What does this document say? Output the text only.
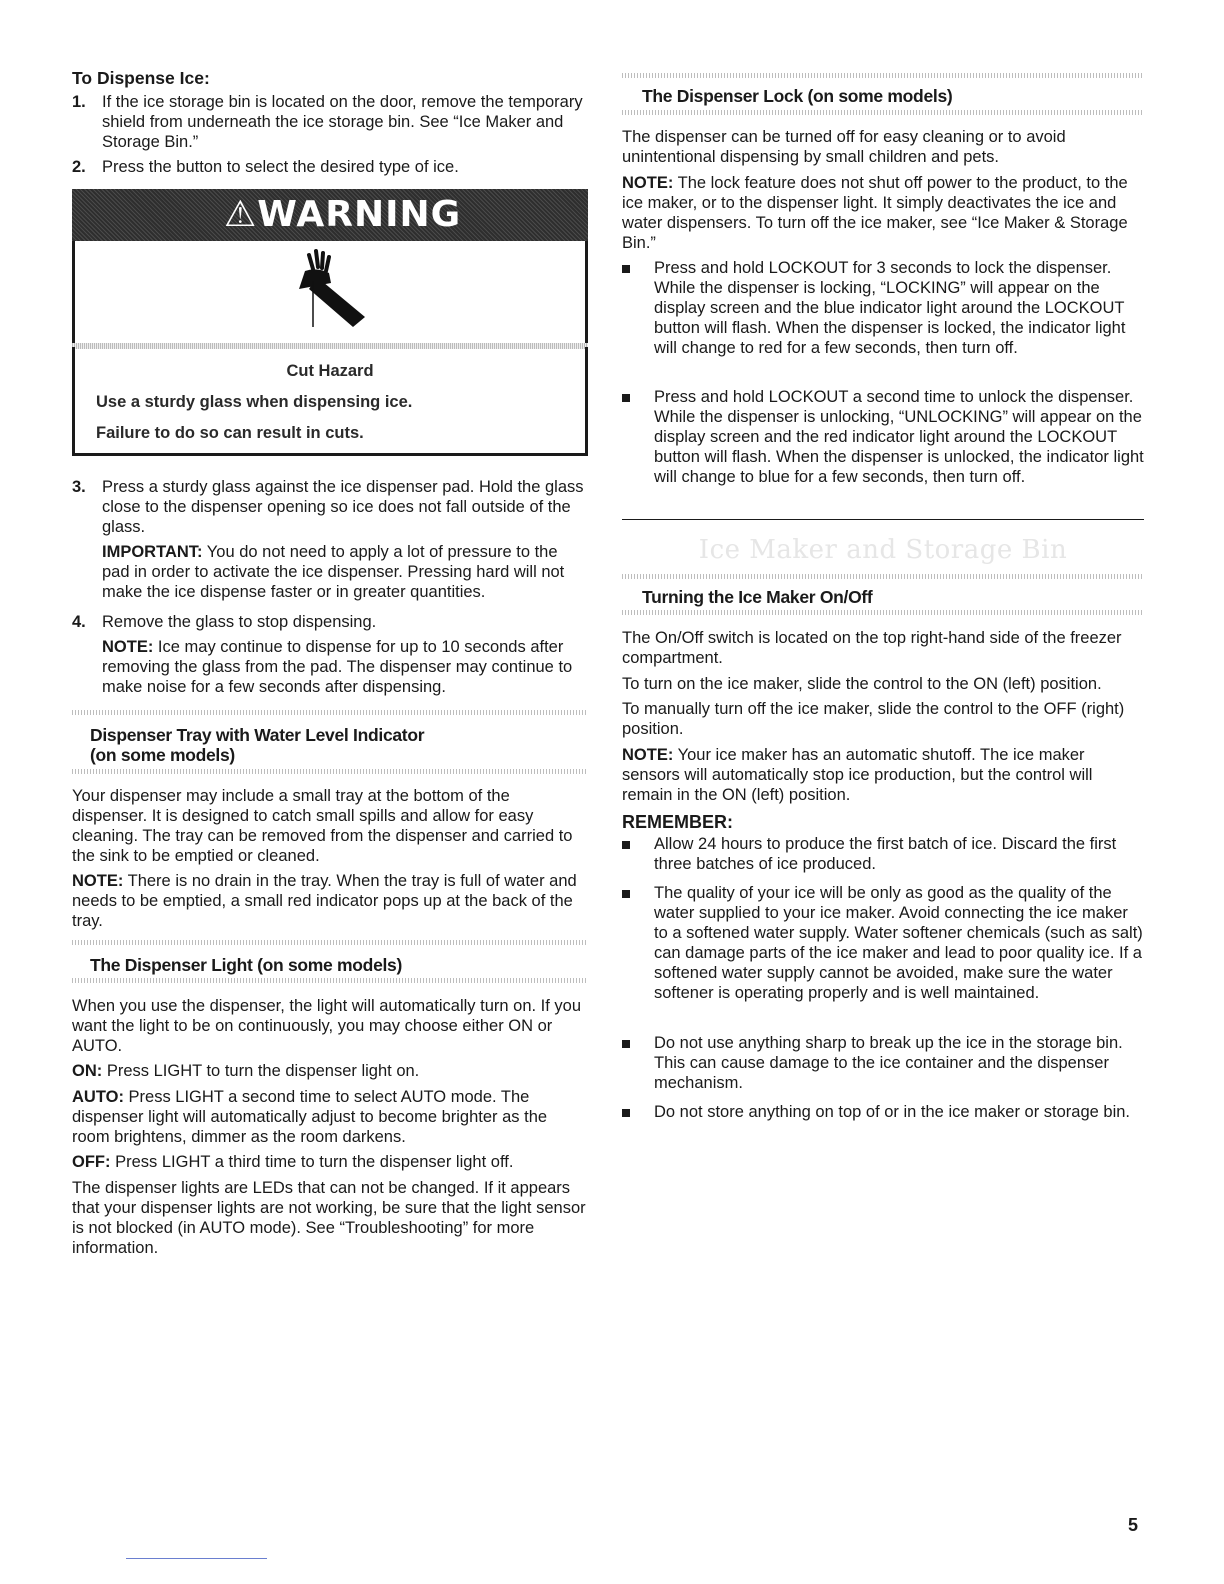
To Dispense Ice:
1. If the ice storage bin is located on the door, remove the temporary shield from underneath the ice storage bin. See “Ice Maker and Storage Bin.”

2. Press the button to select the desired type of ice.

⚠WARNING
Cut Hazard
Use a sturdy glass when dispensing ice.
Failure to do so can result in cuts.
3. Press a sturdy glass against the ice dispenser pad. Hold the glass close to the dispenser opening so ice does not fall outside of the glass.

IMPORTANT: You do not need to apply a lot of pressure to the pad in order to activate the ice dispenser. Pressing hard will not make the ice dispense faster or in greater quantities.

4. Remove the glass to stop dispensing.

NOTE: Ice may continue to dispense for up to 10 seconds after removing the glass from the pad. The dispenser may continue to make noise for a few seconds after dispensing.

Dispenser Tray with Water Level Indicator
(on some models)

Your dispenser may include a small tray at the bottom of the dispenser. It is designed to catch small spills and allow for easy cleaning. The tray can be removed from the dispenser and carried to the sink to be emptied or cleaned.

NOTE: There is no drain in the tray. When the tray is full of water and needs to be emptied, a small red indicator pops up at the back of the tray.

The Dispenser Light (on some models)

When you use the dispenser, the light will automatically turn on. If you want the light to be on continuously, you may choose either ON or AUTO.

ON: Press LIGHT to turn the dispenser light on.

AUTO: Press LIGHT a second time to select AUTO mode. The dispenser light will automatically adjust to become brighter as the room brightens, dimmer as the room darkens.

OFF: Press LIGHT a third time to turn the dispenser light off.

The dispenser lights are LEDs that can not be changed. If it appears that your dispenser lights are not working, be sure that the light sensor is not blocked (in AUTO mode). See “Troubleshooting” for more information.

The Dispenser Lock (on some models)

The dispenser can be turned off for easy cleaning or to avoid unintentional dispensing by small children and pets.

NOTE: The lock feature does not shut off power to the product, to the ice maker, or to the dispenser light. It simply deactivates the ice and water dispensers. To turn off the ice maker, see “Ice Maker & Storage Bin.”

Press and hold LOCKOUT for 3 seconds to lock the dispenser. While the dispenser is locking, “LOCKING” will appear on the display screen and the blue indicator light around the LOCKOUT button will flash. When the dispenser is locked, the indicator light will change to red for a few seconds, then turn off.

Press and hold LOCKOUT a second time to unlock the dispenser. While the dispenser is unlocking, “UNLOCKING” will appear on the display screen and the red indicator light around the LOCKOUT button will flash. When the dispenser is unlocked, the indicator light will change to blue for a few seconds, then turn off.

Ice Maker and Storage Bin
Turning the Ice Maker On/Off

The On/Off switch is located on the top right-hand side of the freezer compartment.

To turn on the ice maker, slide the control to the ON (left) position.

To manually turn off the ice maker, slide the control to the OFF (right) position.

NOTE: Your ice maker has an automatic shutoff. The ice maker sensors will automatically stop ice production, but the control will remain in the ON (left) position.

REMEMBER:

Allow 24 hours to produce the first batch of ice. Discard the first three batches of ice produced.

The quality of your ice will be only as good as the quality of the water supplied to your ice maker. Avoid connecting the ice maker to a softened water supply. Water softener chemicals (such as salt) can damage parts of the ice maker and lead to poor quality ice. If a softened water supply cannot be avoided, make sure the water softener is operating properly and is well maintained.

Do not use anything sharp to break up the ice in the storage bin. This can cause damage to the ice container and the dispenser mechanism.

Do not store anything on top of or in the ice maker or storage bin.

5
